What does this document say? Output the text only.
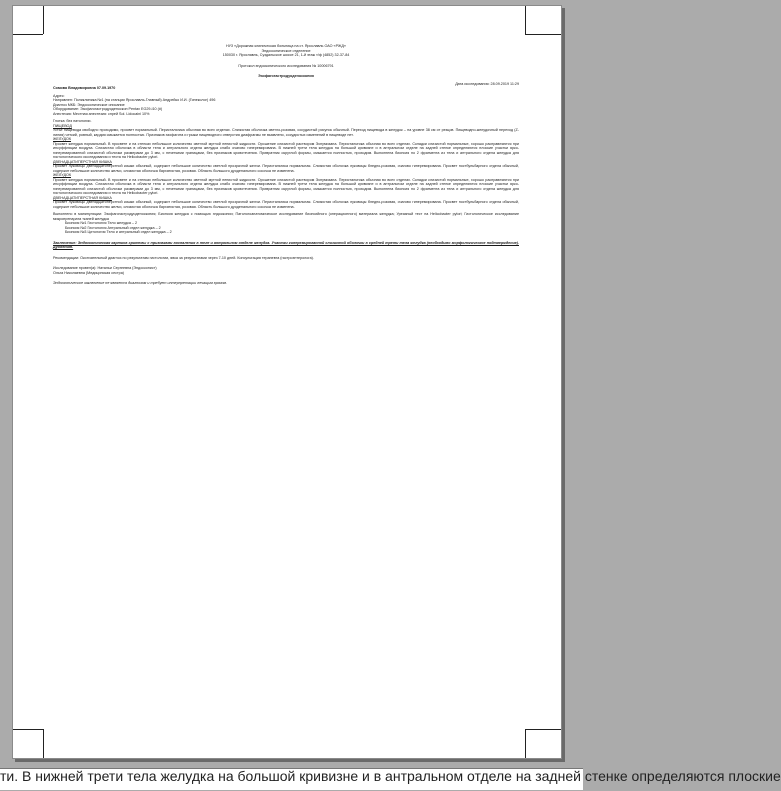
НУЗ «Дорожная клиническая больница на ст. Ярославль ОАО «РЖД»
Эндоскопическое отделение
150030 г. Ярославль, Суздальское шоссе 21, 1-й этаж т/ф (4852) 32-37-84
Протокол эндоскопического исследования № 10006791
Эзофагогастродуоденоскопия
Дата исследования: 28.09.2019 11:29
Сомова Владимировна 07.09.1970
Адрес:
Направлен: Поликлиника №1 (на станции Ярославль-Главный) Андрейко И.И. (Гинеколог) 496
Диагноз МКБ: Эндоскопическое описание
Оборудование: Эзофагогастродуоденоскоп Pentax EG29-i10 (#)
Анестезия: Местная анестезия: спрей Sol. Lidocaini 10%
Глотка: без патологии.
ПИЩЕВОД
Устье пищевода свободно проходимо, просвет нормальный. Перистальтика обычная во всех отделах. Слизистая оболочка светло-розовая, сосудистый рисунок обычный. Переход пищевода в желудок – на уровне 38 см от резцов. Пищеводно-желудочный переход (Z-линия) четкий, ровный, кардия смыкается полностью. Признаков эзофагита и грыжи пищеводного отверстия диафрагмы не выявлено, сосудистых изменений в пищеводе нет.
ЖЕЛУДОК
Просвет желудка нормальный. В просвете и на стенках небольшое количество светлой мутной пенистой жидкости. Орошение слизистой раствором Эспумизана. Перистальтика обычная во всех отделах. Складки слизистой нормальные, хорошо расправляются при инсуффляции воздуха. Слизистая оболочка в области тела и антрального отдела желудка слабо очагово гиперемирована. В нижней трети тела желудка на большой кривизне и в антральном отделе на задней стенке определяются плоские участки ярко-гиперемированной слизистой оболочки размерами до 3 мм, с нечеткими границами, без признаков кровотечения. Привратник округлой формы, смыкается полностью, проходим. Выполнена биопсия по 2 фрагмента из тела и антрального отдела желудка для гистологического исследования и теста на Helicobacter pylori.
ДВЕНАДЦАТИПЕРСТНАЯ КИШКА
Просвет луковицы двенадцатиперстной кишки обычный, содержит небольшое количество светлой прозрачной желчи. Перистальтика нормальная. Слизистая оболочка луковицы бледно-розовая, очагово гиперемирована. Просвет постбульбарного отдела обычный, содержит небольшое количество желчи, слизистая оболочка бархатистая, розовая. Область большого дуоденального сосочка не изменена.
ЖЕЛУДОК
Просвет желудка нормальный. В просвете и на стенках небольшое количество светлой мутной пенистой жидкости. Орошение слизистой раствором Эспумизана. Перистальтика обычная во всех отделах. Складки слизистой нормальные, хорошо расправляются при инсуффляции воздуха. Слизистая оболочка в области тела и антрального отдела желудка слабо очагово гиперемирована. В нижней трети тела желудка на большой кривизне и в антральном отделе на задней стенке определяются плоские участки ярко-гиперемированной слизистой оболочки размерами до 3 мм, с нечеткими границами, без признаков кровотечения. Привратник округлой формы, смыкается полностью, проходим. Выполнена биопсия по 2 фрагмента из тела и антрального отдела желудка для гистологического исследования и теста на Helicobacter pylori.
ДВЕНАДЦАТИПЕРСТНАЯ КИШКА
Просвет луковицы двенадцатиперстной кишки обычный, содержит небольшое количество светлой прозрачной желчи. Перистальтика нормальная. Слизистая оболочка луковицы бледно-розовая, очагово гиперемирована. Просвет постбульбарного отдела обычный, содержит небольшое количество желчи, слизистая оболочка бархатистая, розовая. Область большого дуоденального сосочка не изменена.
Выполнено в манипуляции: Эзофагогастродуоденоскопия; Биопсия желудка с помощью эндоскопии; Патологоанатомическое исследование биопсийного (операционного) материала желудка; Уреазный тест на Helicobacter pylori; Гистологическое исследование микропрепарата тканей желудка
Биопсия №1 Гистология Тело желудка – 2
Биопсия №2 Гистология Антральный отдел желудка – 2
Биопсия №3 Цитология Тело и антральный отдел желудка – 2
Заключение: Эндоскопическая картина эритемы с признаками воспаления в теле и антральном отделе желудка. Участки гиперемированной слизистой оболочки в средней трети тела желудка (необходимо морфологическое подтверждение). Дуоденит.
Рекомендации: Окончательный диагноз по результатам гистологии, явка за результатами через 7-10 дней. Консультация терапевта (гастроэнтеролога).
Исследование провел(а): Натальи Сергеевна (Эндоскопист)
Ольга Николаевна (Медицинская сестра)
Эндоскопическое заключение не является диагнозом и требует интерпретации лечащим врачом.
ти. В нижней трети тела желудка на большой кривизне и в антральном отделе на задней стенке определяются плоские
